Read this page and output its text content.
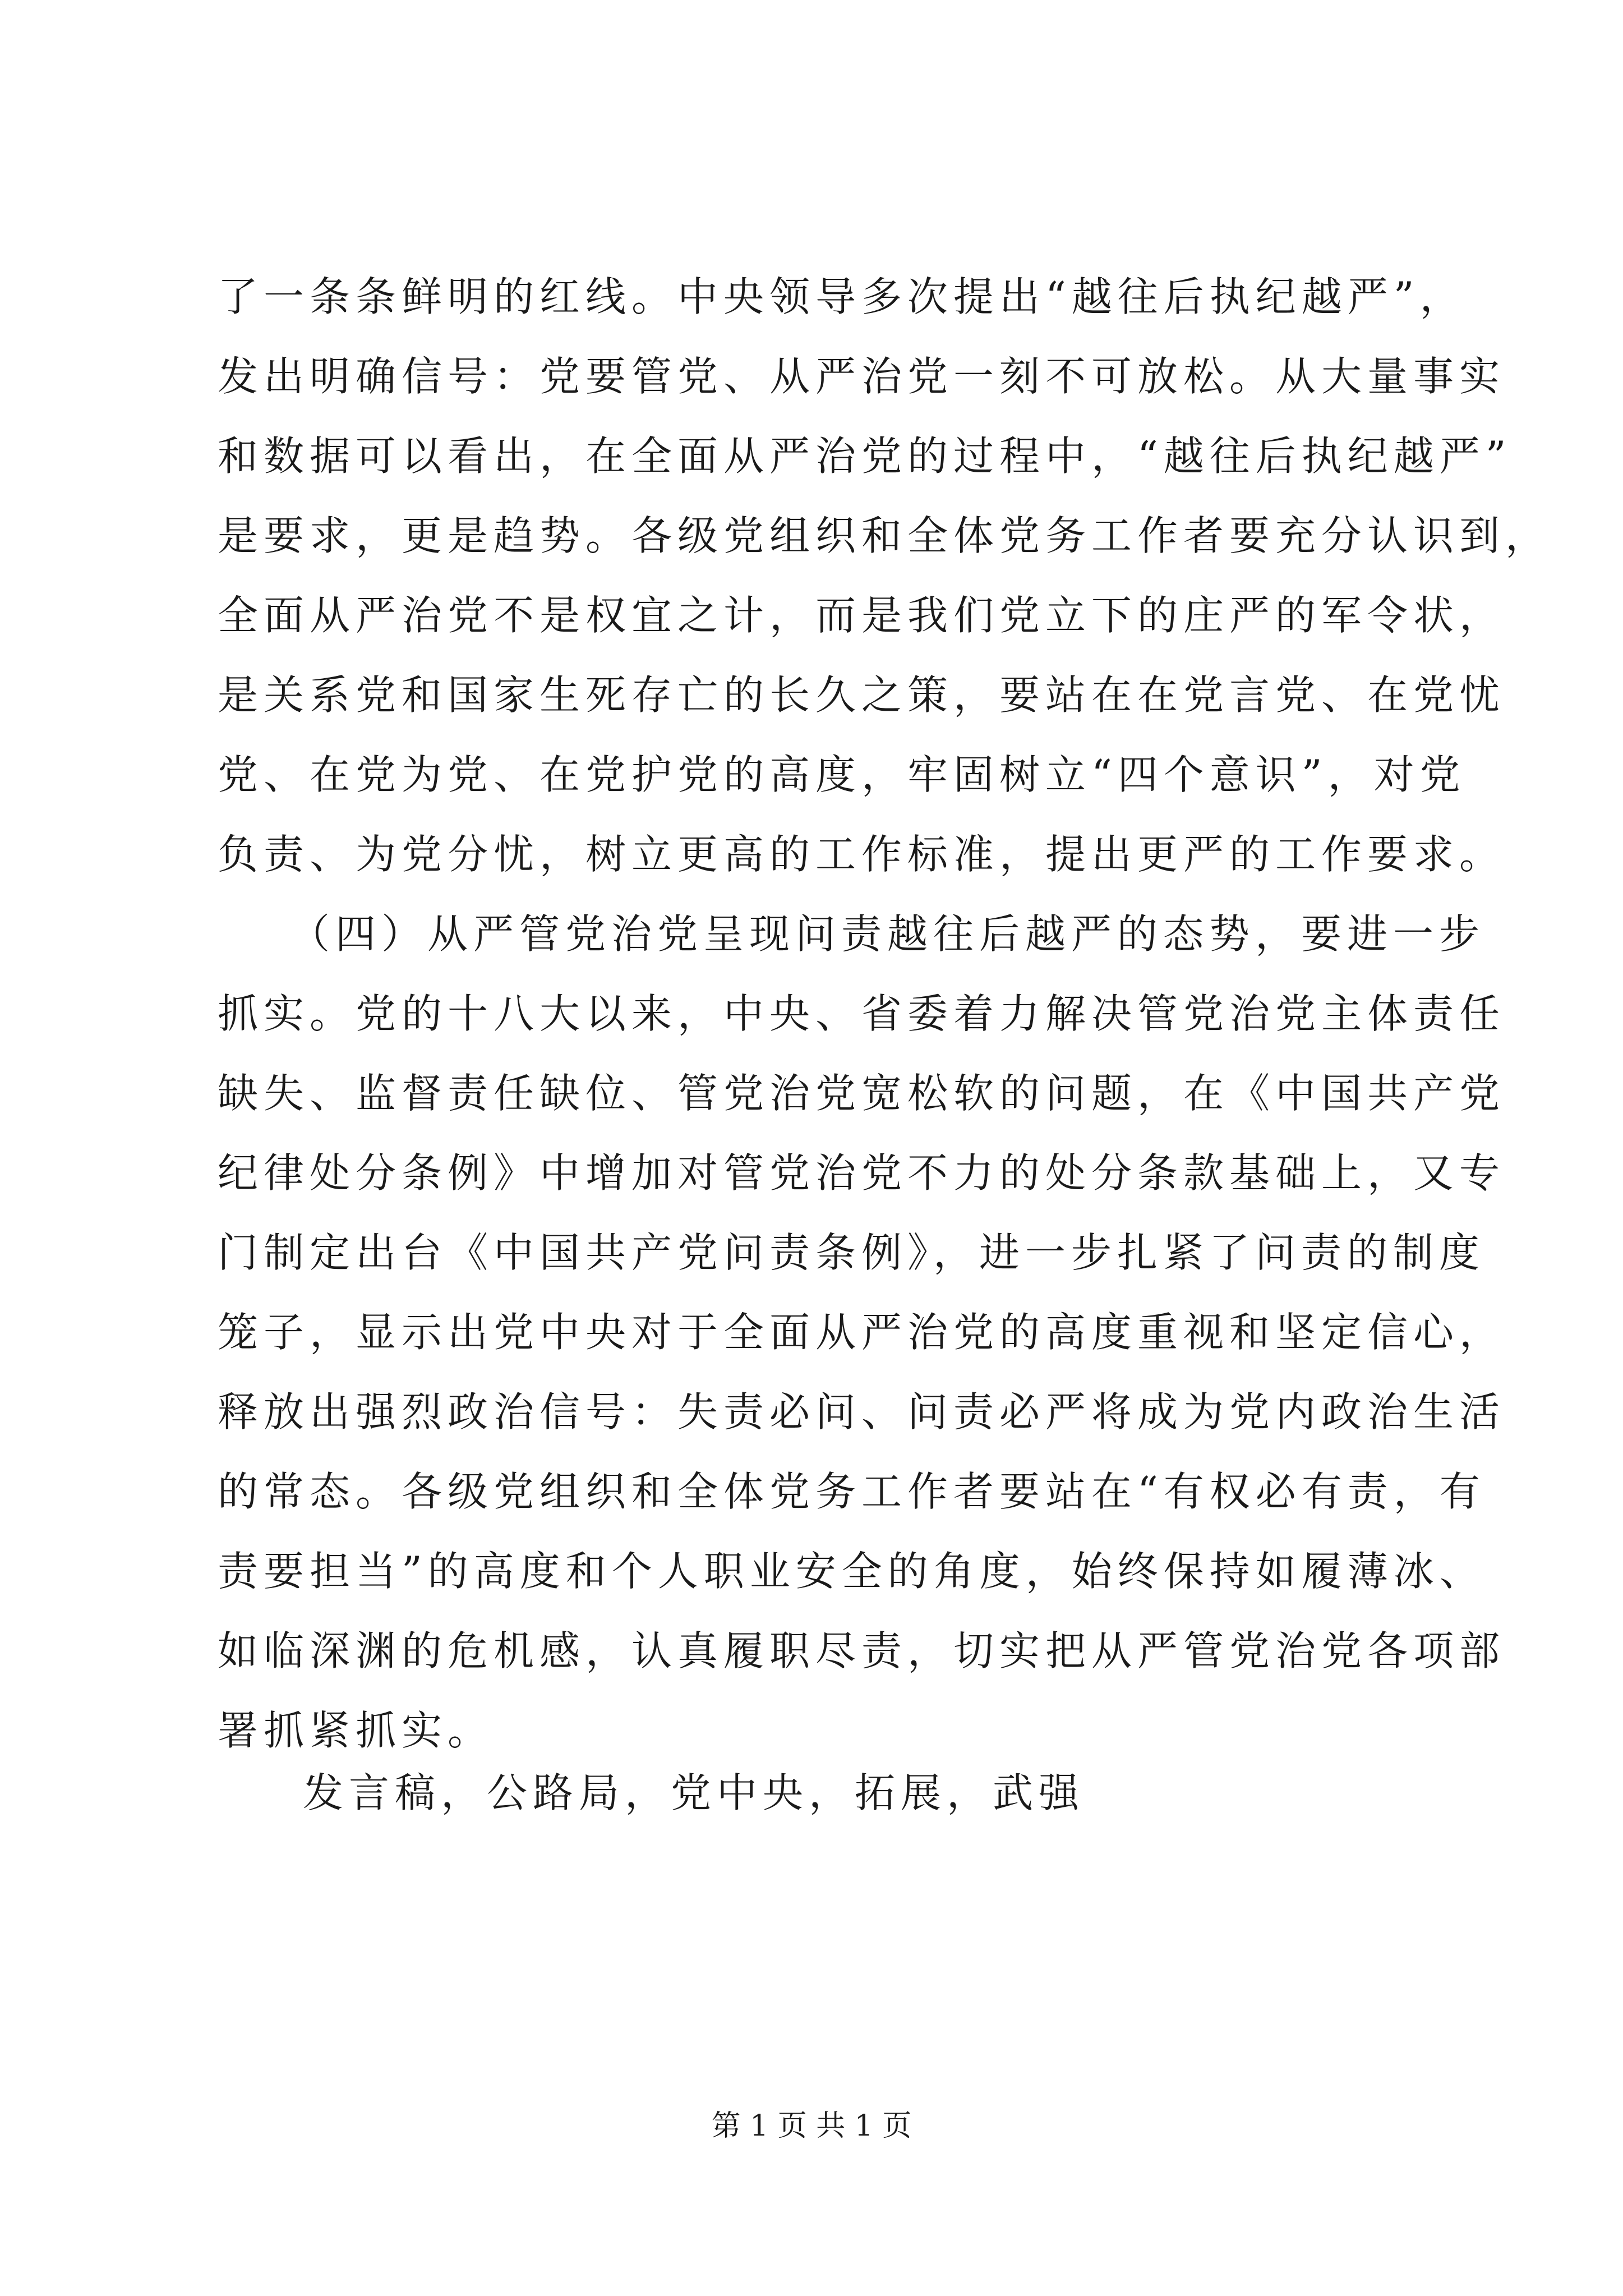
了一条条鲜明的红线。中央领导多次提出“越往后执纪越严”，
发出明确信号：党要管党、从严治党一刻不可放松。从大量事实
和数据可以看出，在全面从严治党的过程中，“越往后执纪越严”
是要求，更是趋势。各级党组织和全体党务工作者要充分认识到，
全面从严治党不是权宜之计，而是我们党立下的庄严的军令状，
是关系党和国家生死存亡的长久之策，要站在在党言党、在党忧
党、在党为党、在党护党的高度，牢固树立“四个意识”，对党
负责、为党分忧，树立更高的工作标准，提出更严的工作要求。
　　（四）从严管党治党呈现问责越往后越严的态势，要进一步
抓实。党的十八大以来，中央、省委着力解决管党治党主体责任
缺失、监督责任缺位、管党治党宽松软的问题，在《中国共产党
纪律处分条例》中增加对管党治党不力的处分条款基础上，又专
门制定出台《中国共产党问责条例》，进一步扎紧了问责的制度
笼子，显示出党中央对于全面从严治党的高度重视和坚定信心，
释放出强烈政治信号：失责必问、问责必严将成为党内政治生活
的常态。各级党组织和全体党务工作者要站在“有权必有责，有
责要担当”的高度和个人职业安全的角度，始终保持如履薄冰、
如临深渊的危机感，认真履职尽责，切实把从严管党治党各项部
署抓紧抓实。
发言稿，公路局，党中央，拓展，武强
第 1 页 共 1 页
